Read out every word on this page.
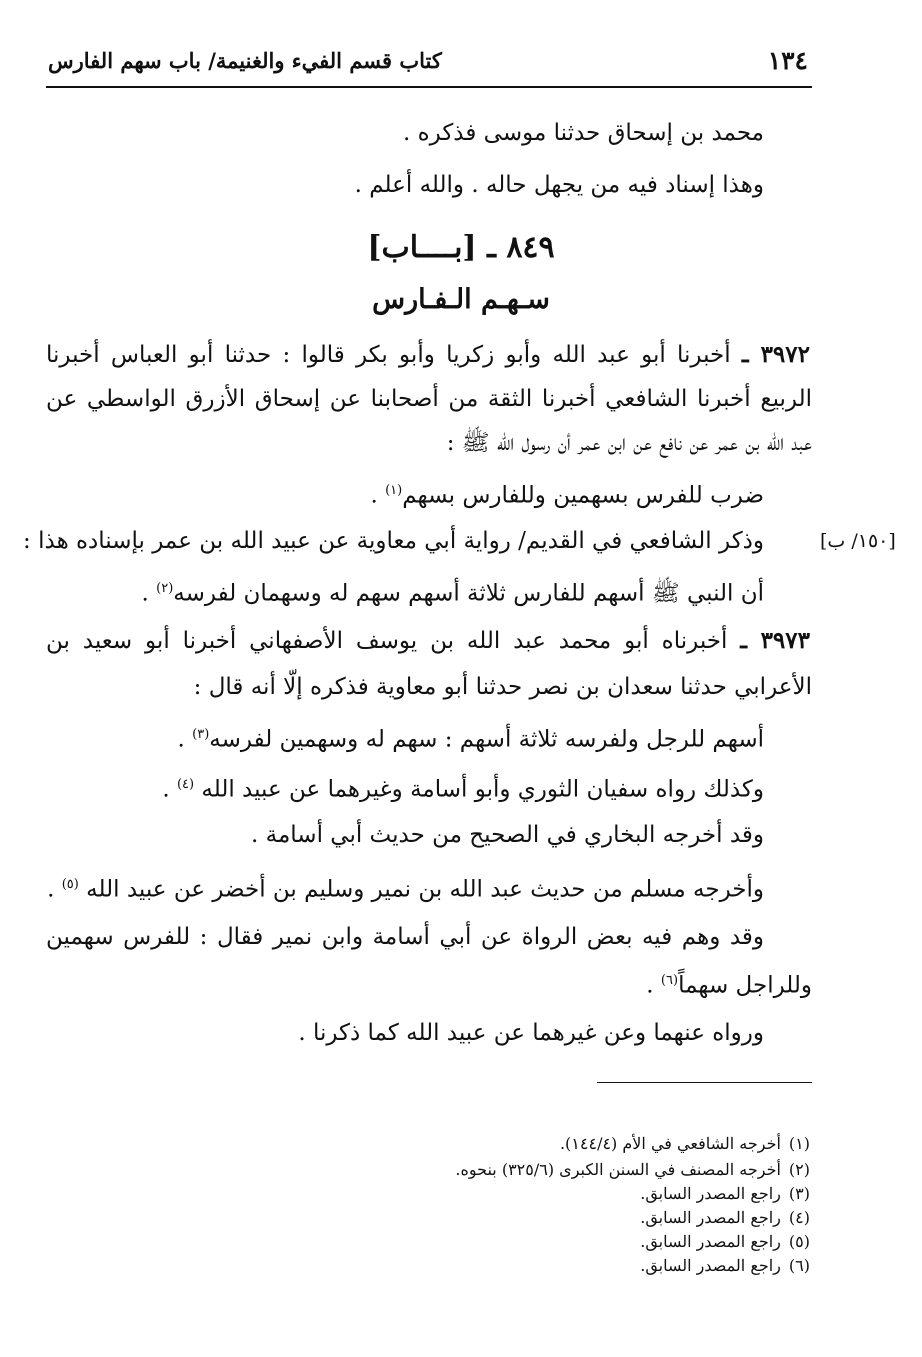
١٣٤
كتاب قسم الفيء والغنيمة/ باب سهم الفارس
محمد بن إسحاق حدثنا موسى فذكره .
وهذا إسناد فيه من يجهل حاله . والله أعلم .
٨٤٩ ـ [بــــاب]
سـهـم الـفـارس
٣٩٧٢ ـ أخبرنا أبو عبد الله وأبو زكريا وأبو بكر قالوا : حدثنا أبو العباس أخبرنا
الربيع أخبرنا الشافعي أخبرنا الثقة من أصحابنا عن إسحاق الأزرق الواسطي عن
عبد الله بن عمر عن نافع عن ابن عمر أن رسول الله ﷺ :
ضرب للفرس بسهمين وللفارس بسهم$^{(١)}$ .
وذكر الشافعي في القديم/ رواية أبي معاوية عن عبيد الله بن عمر بإسناده هذا :
أن النبي ﷺ أسهم للفارس ثلاثة أسهم سهم له وسهمان لفرسه$^{(٢)}$ .
[١٥٠/ ب]
٣٩٧٣ ـ أخبرناه أبو محمد عبد الله بن يوسف الأصفهاني أخبرنا أبو سعيد بن
الأعرابي حدثنا سعدان بن نصر حدثنا أبو معاوية فذكره إلّا أنه قال :
أسهم للرجل ولفرسه ثلاثة أسهم : سهم له وسهمين لفرسه$^{(٣)}$ .
وكذلك رواه سفيان الثوري وأبو أسامة وغيرهما عن عبيد الله $^{(٤)}$ .
وقد أخرجه البخاري في الصحيح من حديث أبي أسامة .
وأخرجه مسلم من حديث عبد الله بن نمير وسليم بن أخضر عن عبيد الله $^{(٥)}$ .
وقد وهم فيه بعض الرواة عن أبي أسامة وابن نمير فقال : للفرس سهمين
وللراجل سهماً$^{(٦)}$ .
ورواه عنهما وعن غيرهما عن عبيد الله كما ذكرنا .
(١)أخرجه الشافعي في الأم (١٤٤/٤).
(٢)أخرجه المصنف في السنن الكبرى (٣٢٥/٦) بنحوه.
(٣)راجع المصدر السابق.
(٤)راجع المصدر السابق.
(٥)راجع المصدر السابق.
(٦)راجع المصدر السابق.
